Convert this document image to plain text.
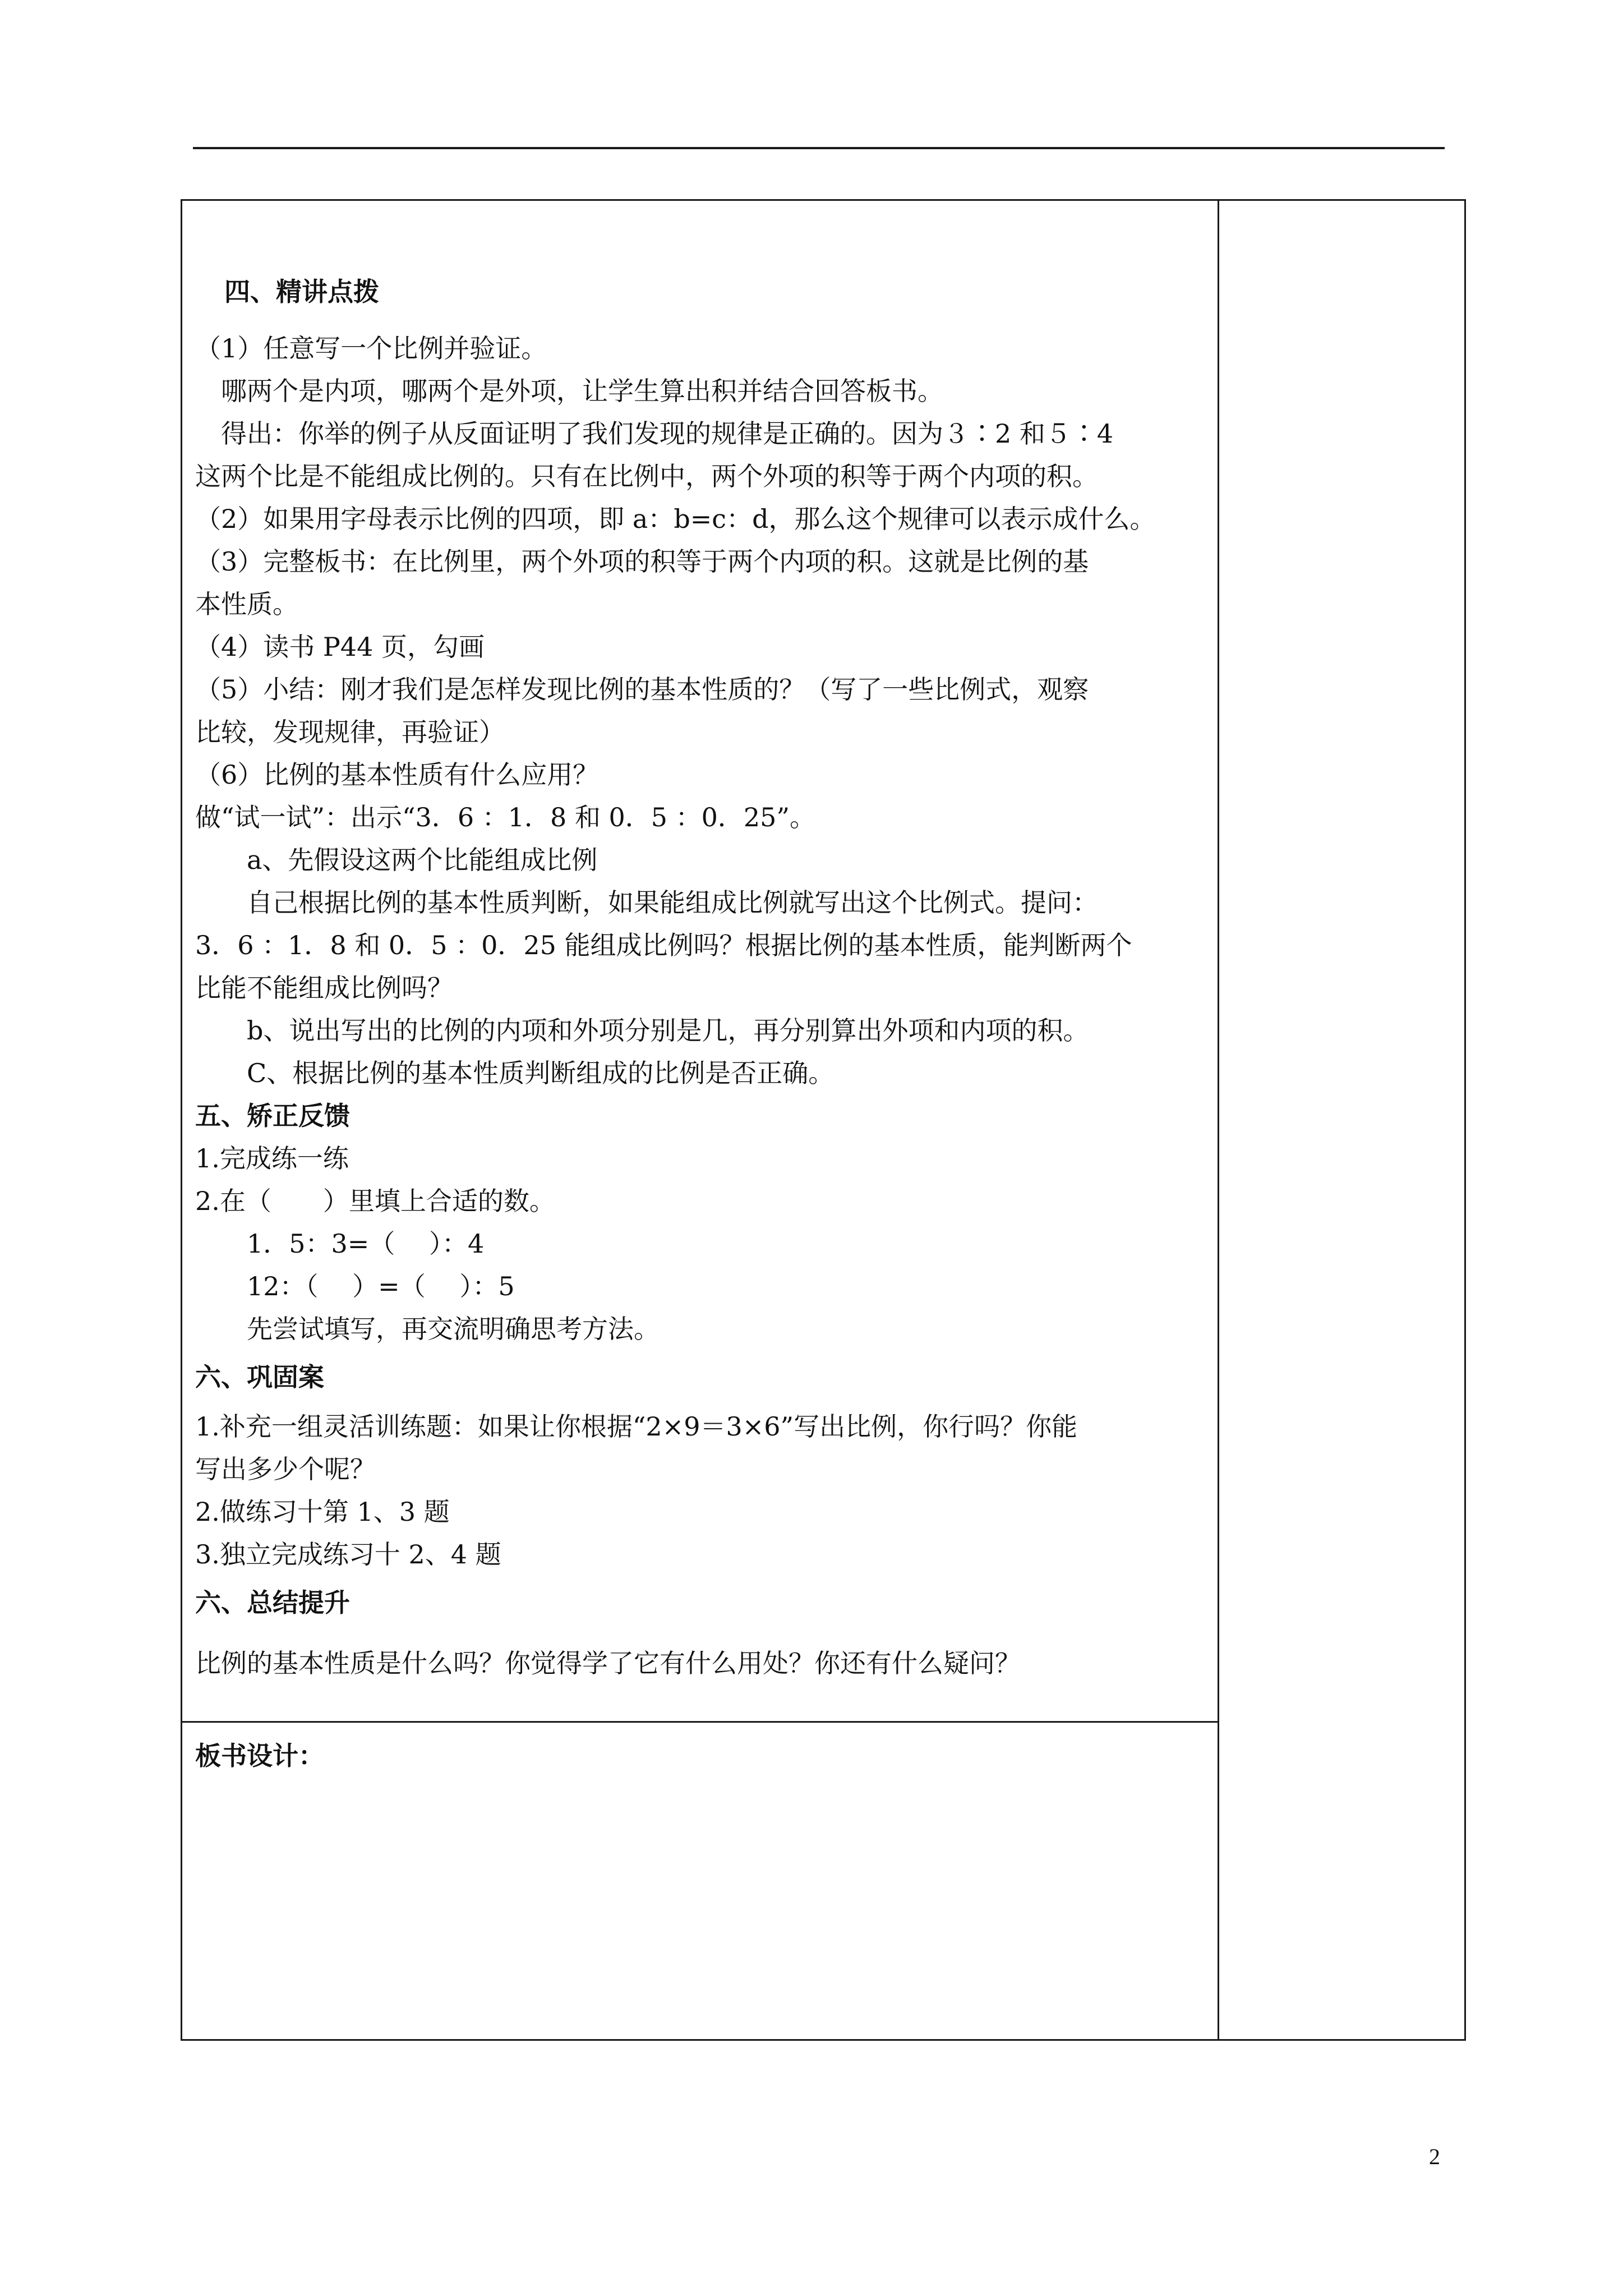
四、精讲点拨
（1）任意写一个比例并验证。
　哪两个是内项，哪两个是外项，让学生算出积并结合回答板书。
　得出：你举的例子从反面证明了我们发现的规律是正确的。因为３∶2 和５∶4
这两个比是不能组成比例的。只有在比例中，两个外项的积等于两个内项的积。
（2）如果用字母表示比例的四项，即 a：b=c：d，那么这个规律可以表示成什么。
（3）完整板书：在比例里，两个外项的积等于两个内项的积。这就是比例的基
本性质。
（4）读书 P44 页，勾画
（5）小结：刚才我们是怎样发现比例的基本性质的？（写了一些比例式，观察
比较，发现规律，再验证）
（6）比例的基本性质有什么应用？
做“试一试”：出示“3．6 ：1．8 和 0．5 ：0．25”。
　　a、先假设这两个比能组成比例
　　自己根据比例的基本性质判断，如果能组成比例就写出这个比例式。提问：
3．6 ：1．8 和 0．5 ：0．25 能组成比例吗？根据比例的基本性质，能判断两个
比能不能组成比例吗？
　　b、说出写出的比例的内项和外项分别是几，再分别算出外项和内项的积。
　　C、根据比例的基本性质判断组成的比例是否正确。
五、矫正反馈
1.完成练一练
2.在（　　）里填上合适的数。
　　1．5：3=（　 ）：4
　　12：（　 ）=（　 ）：5
　　先尝试填写，再交流明确思考方法。
六、巩固案
1.补充一组灵活训练题：如果让你根据“2×9＝3×6”写出比例，你行吗？你能
写出多少个呢？
2.做练习十第 1、3 题
3.独立完成练习十 2、4 题
六、总结提升
比例的基本性质是什么吗？你觉得学了它有什么用处？你还有什么疑问？
板书设计：
2
